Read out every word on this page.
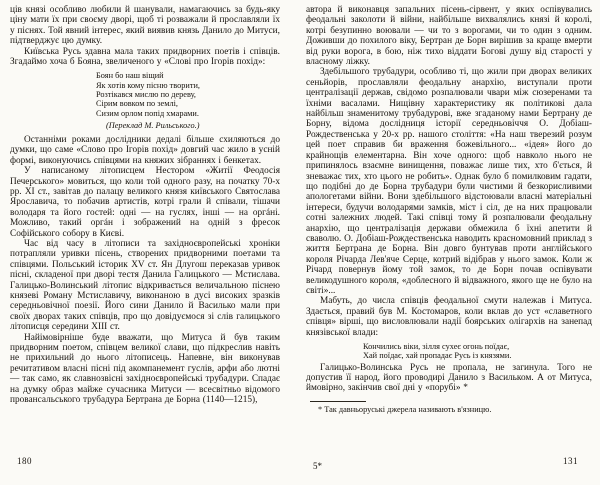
ців князі особливо любили й шанували, намагаючись за будь-яку ціну мати їх при своєму дворі, щоб ті розважали й прославляли їх у піснях. Той явний інтерес, який виявив князь Данило до Митуси, підтверджує цю думку.

Київська Русь здавна мала таких придворних поетів і співців. Згадаймо хоча б Бояна, звеличеного у «Слові про Ігорів похід»:

Боян бо наш віщий
Як хотів кому пісню творити,
Розтікався мислю по дереву,
Сірим вовком по землі,
Сизим орлом попід хмарами.
(Переклад М. Рильського.)

Останніми роками дослідники дедалі більше схиляються до думки, що саме «Слово про Ігорів похід» довгий час жило в усній формі, виконуючись співцями на княжих зібраннях і бенкетах.

У написаному літописцем Нестором «Житії Феодосія Печерського» мовиться, що коли той одного разу, на початку 70-х рр. XI ст., завітав до палацу великого князя київського Святослава Ярославича, то побачив артистів, котрі грали й співали, тішачи володаря та його гостей: одні — на гуслях, інші — на оргáні. Можливо, такий оргáн і зображений на одній з фресок Софійського собору в Києві.

Час від часу в літописи та західноєвропейські хроніки потрапляли уривки пісень, створених придворними поетами та співцями. Польський історик XV ст. Ян Длугош переказав уривок пісні, складеної при дворі тестя Данила Галицького — Мстислава. Галицько-Волинський літопис відкривається величальною піснею князеві Роману Мстиславичу, виконаною в дусі високих зразків середньовічної поезії. Його сини Данило й Василько мали при своїх дворах таких співців, про що довідуємося зі слів галицького літописця середини XIII ст.

Найімовірніше буде вважати, що Митуса й був таким придворним поетом, співцем великої слави, що підкреслив навіть не прихильний до нього літописець. Напевне, він виконував речитативом власні пісні під акомпанемент гуслів, арфи або лютні — так само, як славнозвісні західноєвропейські трубадури. Спадає на думку образ майже сучасника Митуси — всесвітньо відомого провансальського трубадура Бертрана де Борна (1140—1215),

автора й виконавця запальних пісень-сірвент, у яких оспівувались феодальні заколоти й війни, найбільше вихвалялись князі й королі, котрі безупинно воювали — чи то з ворогами, чи то один з одним. Доживши до похилого віку, Бертран де Борн вирішив за краще вмерти від руки ворога, в бою, ніж тихо віддати Богові душу від старості у власному ліжку.

Здебільшого трубадури, особливо ті, що жили при дворах великих сеньйорів, прославляли феодальну анархію, виступали проти централізації держав, свідомо розпалювали чвари між сюзеренами та їхніми васалами. Нищівну характеристику як політикові дала найбільш знаменитому трубадурові, вже згаданому нами Бертрану де Борну, відома дослідниця історії середньовіччя О. Добіаш-Рождественська у 20-х рр. нашого століття: «На наш тверезий розум цей поет справив би враження божевільного... «ідея» його до крайнощів елементарна. Він хоче одного: щоб навколо нього не припинялось взаємне винищення, поважає лише тих, хто б'ється, й зневажає тих, хто цього не робить». Однак було б помилковим гадати, що подібні до де Борна трубадури були чистими й безкорисливими апологетами війни. Вони здебільшого відстоювали власні матеріальні інтереси, будучи володарями замків, міст і сіл, де на них працювали сотні залежних людей. Такі співці тому й розпалювали феодальну анархію, що централізація держави обмежила б їхні апетити й сваволю. О. Добіаш-Рождественська наводить красномовний приклад з життя Бертрана де Борна. Він довго бунтував проти англійського короля Річарда Лев'яче Серце, котрий відібрав у нього замок. Коли ж Річард повернув йому той замок, то де Борн почав оспівувати великодушного короля, «доблесного й відважного, якого ще не було на світі»...

Мабуть, до числа співців феодальної смути належав і Митуса. Здається, правий був М. Костомаров, коли вклав до уст «славетного співця» вірші, що висловлювали надії боярських олігархів на занепад князівської влади:

Кончились віки, зілля сухеє огонь поїдає,
Хай поїдає, хай пропадає Русь із князями.

Галицько-Волинська Русь не пропала, не загинула. Того не допустив її народ, його проводирі Данило з Васильком. А от Митуса, ймовірно, закінчив свої дні у «порубі» *

* Так давньоруські джерела називають в'язницю.

180	5*	131
